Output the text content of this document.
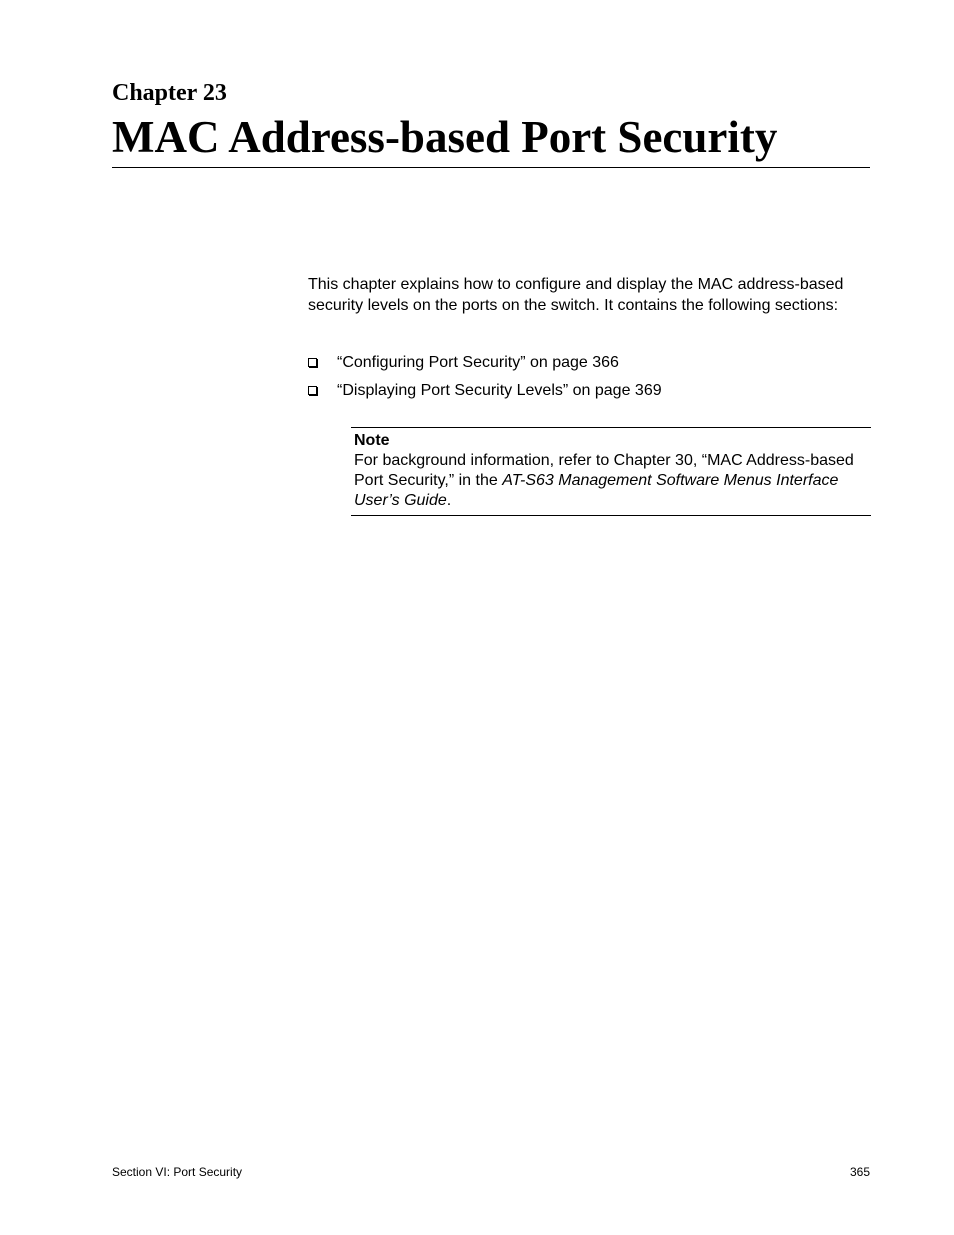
Chapter 23
MAC Address-based Port Security

This chapter explains how to configure and display the MAC address-based security levels on the ports on the switch. It contains the following sections:

“Configuring Port Security” on page 366
“Displaying Port Security Levels” on page 369
Note
For background information, refer to Chapter 30, “MAC Address-based Port Security,” in the AT-S63 Management Software Menus Interface User’s Guide.
Section VI: Port Security	365
